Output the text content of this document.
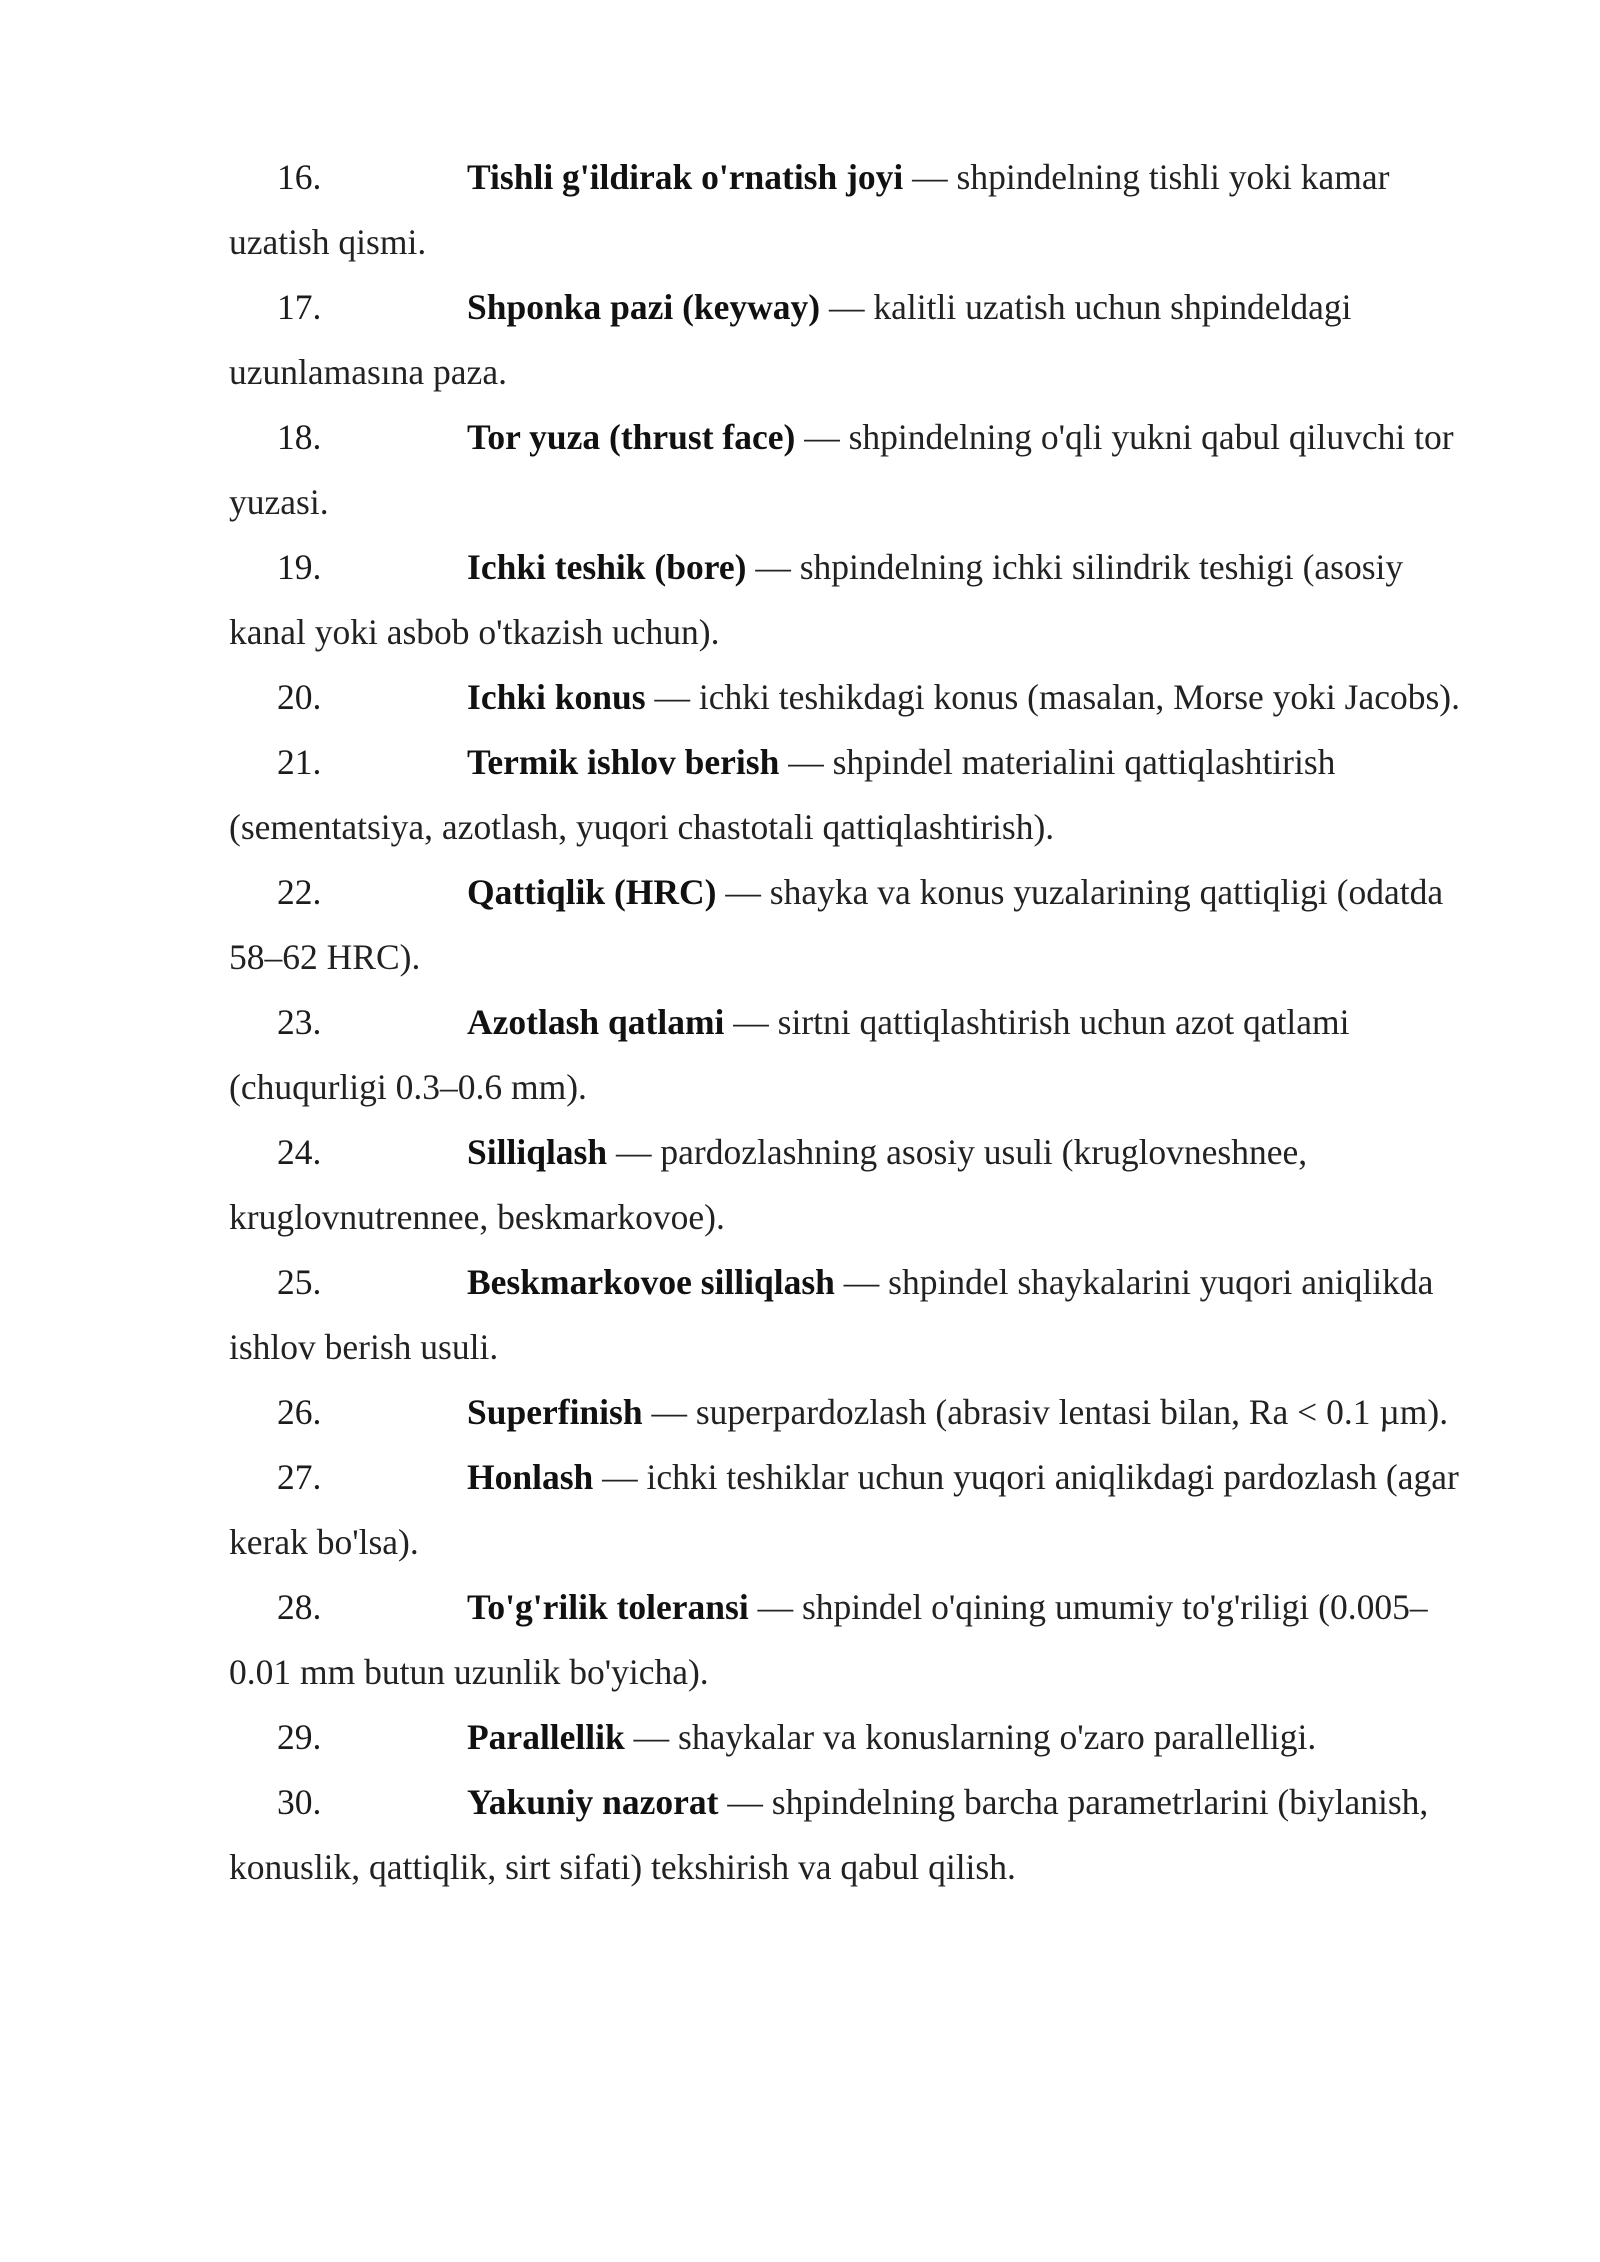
16.	Tishli g'ildirak o'rnatish joyi — shpindelning tishli yoki kamar uzatish qismi.
17.	Shponka pazi (keyway) — kalitli uzatish uchun shpindeldagi uzunlamasına paza.
18.	Tor yuza (thrust face) — shpindelning o'qli yukni qabul qiluvchi tor yuzasi.
19.	Ichki teshik (bore) — shpindelning ichki silindrik teshigi (asosiy kanal yoki asbob o'tkazish uchun).
20.	Ichki konus — ichki teshikdagi konus (masalan, Morse yoki Jacobs).
21.	Termik ishlov berish — shpindel materialini qattiqlashtirish (sementatsiya, azotlash, yuqori chastotali qattiqlashtirish).
22.	Qattiqlik (HRC) — shayka va konus yuzalarining qattiqligi (odatda 58–62 HRC).
23.	Azotlash qatlami — sirtni qattiqlashtirish uchun azot qatlami (chuqurligi 0.3–0.6 mm).
24.	Silliqlash — pardozlashning asosiy usuli (kruglovneshnee, kruglovnutrennee, beskmarkovoe).
25.	Beskmarkovoe silliqlash — shpindel shaykalarini yuqori aniqlikda ishlov berish usuli.
26.	Superfinish — superpardozlash (abrasiv lentasi bilan, Ra < 0.1 µm).
27.	Honlash — ichki teshiklar uchun yuqori aniqlikdagi pardozlash (agar kerak bo'lsa).
28.	To'g'rilik toleransi — shpindel o'qining umumiy to'g'riligi (0.005–0.01 mm butun uzunlik bo'yicha).
29.	Parallellik — shaykalar va konuslarning o'zaro parallelligi.
30.	Yakuniy nazorat — shpindelning barcha parametrlarini (biylanish, konuslik, qattiqlik, sirt sifati) tekshirish va qabul qilish.
